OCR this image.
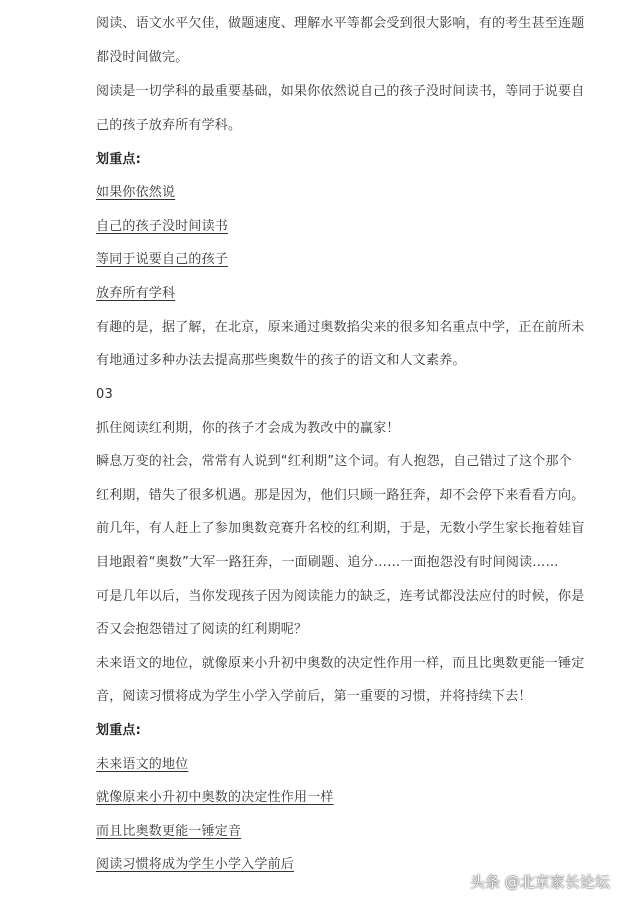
阅读、语文水平欠佳，做题速度、理解水平等都会受到很大影响，有的考生甚至连题
都没时间做完。
阅读是一切学科的最重要基础，如果你依然说自己的孩子没时间读书，等同于说要自
己的孩子放弃所有学科。
划重点:
如果你依然说
自己的孩子没时间读书
等同于说要自己的孩子
放弃所有学科
有趣的是，据了解，在北京，原来通过奥数掐尖来的很多知名重点中学，正在前所未
有地通过多种办法去提高那些奥数牛的孩子的语文和人文素养。
03
抓住阅读红利期，你的孩子才会成为教改中的赢家！
瞬息万变的社会，常常有人说到“红利期”这个词。有人抱怨，自己错过了这个那个
红利期，错失了很多机遇。那是因为，他们只顾一路狂奔，却不会停下来看看方向。
前几年，有人赶上了参加奥数竞赛升名校的红利期，于是，无数小学生家长拖着娃盲
目地跟着“奥数”大军一路狂奔，一面刷题、追分……一面抱怨没有时间阅读……
可是几年以后，当你发现孩子因为阅读能力的缺乏，连考试都没法应付的时候，你是
否又会抱怨错过了阅读的红利期呢？
未来语文的地位，就像原来小升初中奥数的决定性作用一样，而且比奥数更能一锤定
音，阅读习惯将成为学生小学入学前后，第一重要的习惯，并将持续下去！
划重点:
未来语文的地位
就像原来小升初中奥数的决定性作用一样
而且比奥数更能一锤定音
阅读习惯将成为学生小学入学前后
头条 @北京家长论坛
